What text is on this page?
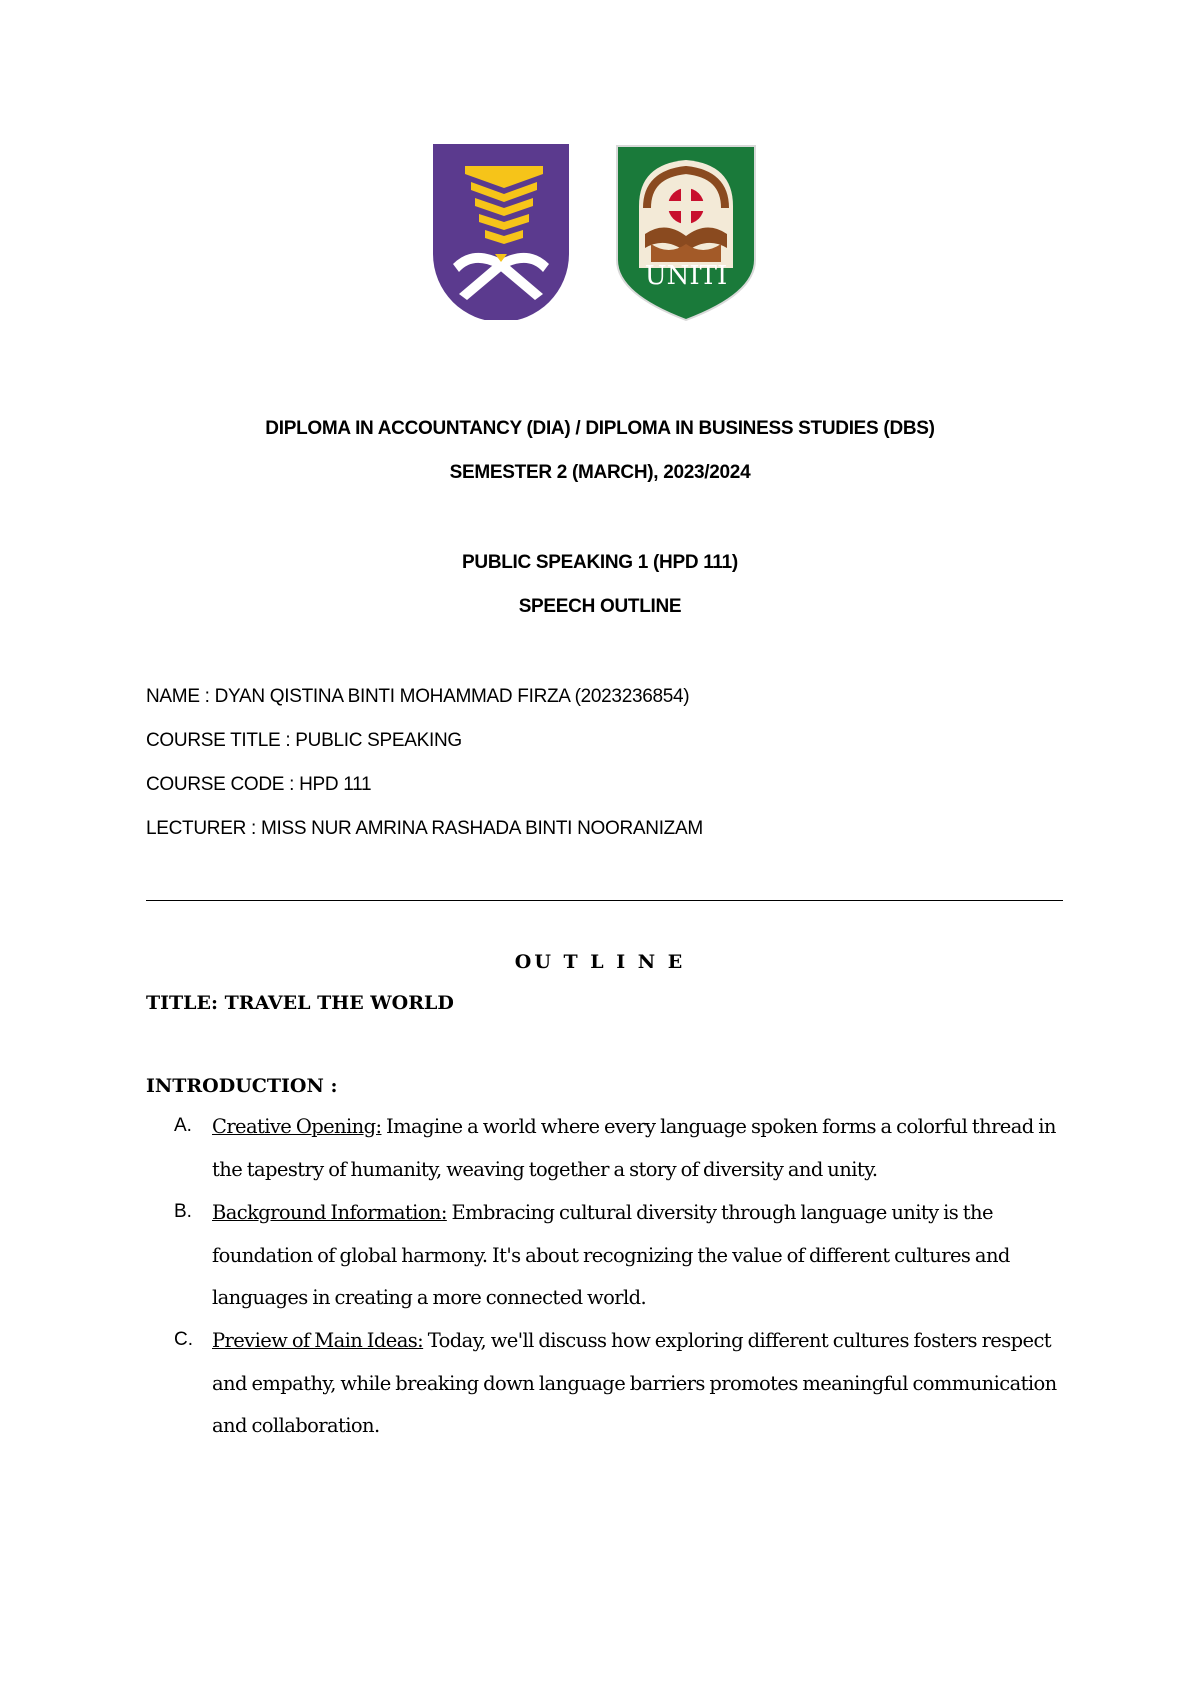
UNITI
DIPLOMA IN ACCOUNTANCY (DIA) / DIPLOMA IN BUSINESS STUDIES (DBS)
SEMESTER 2 (MARCH), 2023/2024
PUBLIC SPEAKING 1 (HPD 111)
SPEECH OUTLINE
NAME : DYAN QISTINA BINTI MOHAMMAD FIRZA (2023236854)
COURSE TITLE : PUBLIC SPEAKING
COURSE CODE : HPD 111
LECTURER : MISS NUR AMRINA RASHADA BINTI NOORANIZAM
OU T L I N E
TITLE: TRAVEL THE WORLD
INTRODUCTION :
A. Creative Opening: Imagine a world where every language spoken forms a colorful thread in the tapestry of humanity, weaving together a story of diversity and unity.
B. Background Information: Embracing cultural diversity through language unity is the foundation of global harmony. It's about recognizing the value of different cultures and languages in creating a more connected world.
C. Preview of Main Ideas: Today, we'll discuss how exploring different cultures fosters respect and empathy, while breaking down language barriers promotes meaningful communication and collaboration.
